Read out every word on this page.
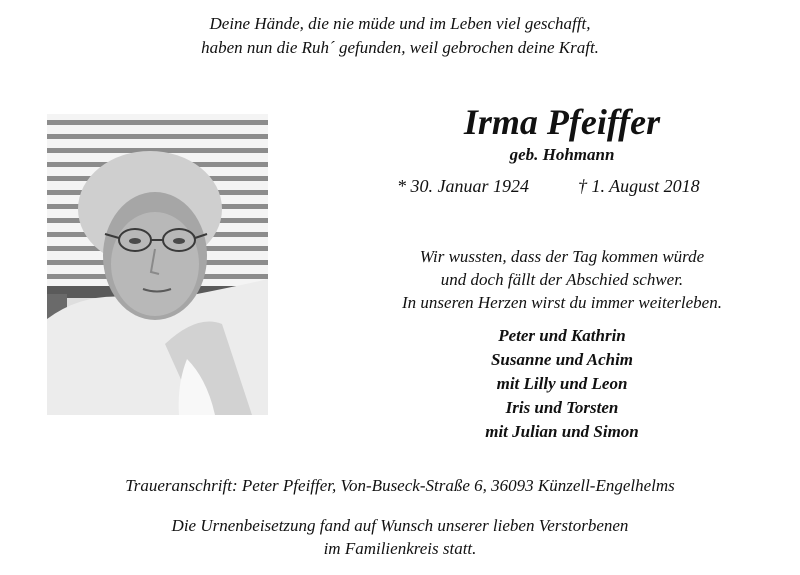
Deine Hände, die nie müde und im Leben viel geschafft,
haben nun die Ruh´ gefunden, weil gebrochen deine Kraft.
Irma Pfeiffer
geb. Hohmann
* 30. Januar 1924	† 1. August 2018
Wir wussten, dass der Tag kommen würde
und doch fällt der Abschied schwer.
In unseren Herzen wirst du immer weiterleben.
Peter und Kathrin
Susanne und Achim
mit Lilly und Leon
Iris und Torsten
mit Julian und Simon
Traueranschrift: Peter Pfeiffer, Von-Buseck-Straße 6, 36093 Künzell-Engelhelms
Die Urnenbeisetzung fand auf Wunsch unserer lieben Verstorbenen
im Familienkreis statt.
